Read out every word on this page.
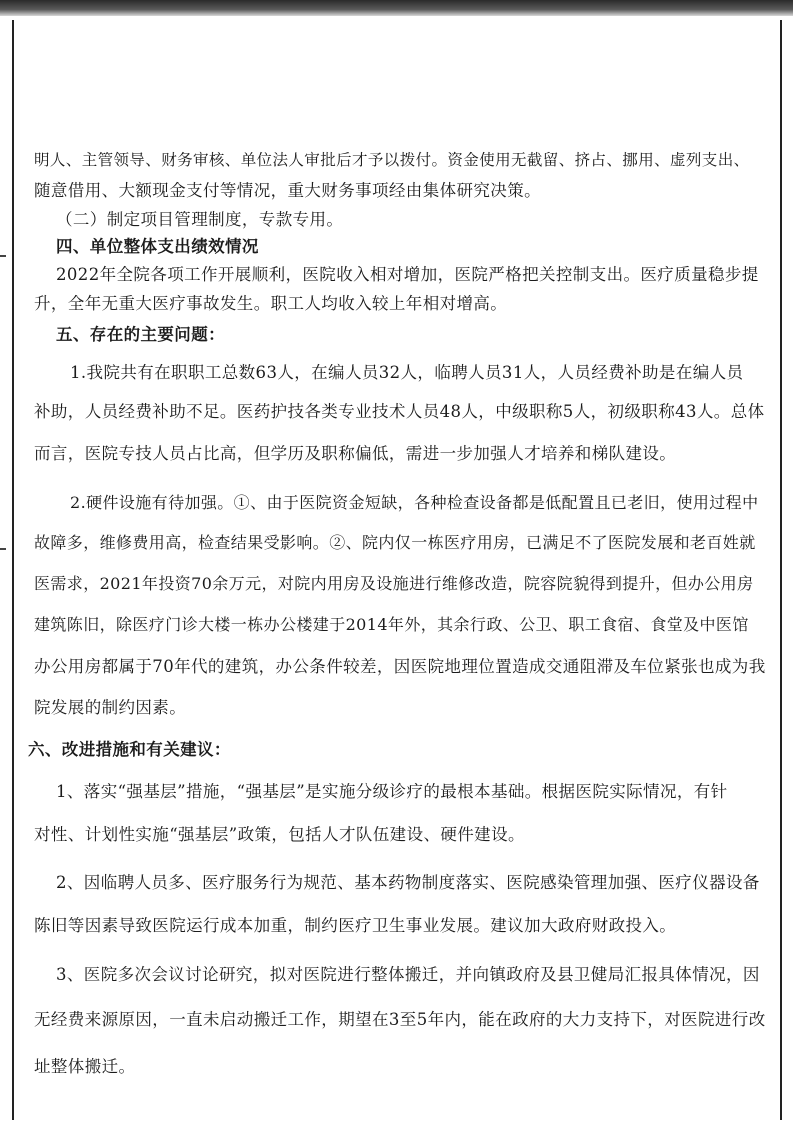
明人、主管领导、财务审核、单位法人审批后才予以拨付。资金使用无截留、挤占、挪用、虚列支出、
随意借用、大额现金支付等情况，重大财务事项经由集体研究决策。
（二）制定项目管理制度，专款专用。
四、单位整体支出绩效情况
2022年全院各项工作开展顺利，医院收入相对增加，医院严格把关控制支出。医疗质量稳步提
升，全年无重大医疗事故发生。职工人均收入较上年相对增高。
五、存在的主要问题：
1.我院共有在职职工总数63人，在编人员32人，临聘人员31人，人员经费补助是在编人员
补助，人员经费补助不足。医药护技各类专业技术人员48人，中级职称5人，初级职称43人。总体
而言，医院专技人员占比高，但学历及职称偏低，需进一步加强人才培养和梯队建设。
2.硬件设施有待加强。①、由于医院资金短缺，各种检查设备都是低配置且已老旧，使用过程中
故障多，维修费用高，检查结果受影响。②、院内仅一栋医疗用房，已满足不了医院发展和老百姓就
医需求，2021年投资70余万元，对院内用房及设施进行维修改造，院容院貌得到提升，但办公用房
建筑陈旧，除医疗门诊大楼一栋办公楼建于2014年外，其余行政、公卫、职工食宿、食堂及中医馆
办公用房都属于70年代的建筑，办公条件较差，因医院地理位置造成交通阻滞及车位紧张也成为我
院发展的制约因素。
六、改进措施和有关建议：
1、落实“强基层”措施，“强基层”是实施分级诊疗的最根本基础。根据医院实际情况，有针
对性、计划性实施“强基层”政策，包括人才队伍建设、硬件建设。
2、因临聘人员多、医疗服务行为规范、基本药物制度落实、医院感染管理加强、医疗仪器设备
陈旧等因素导致医院运行成本加重，制约医疗卫生事业发展。建议加大政府财政投入。
3、医院多次会议讨论研究，拟对医院进行整体搬迁，并向镇政府及县卫健局汇报具体情况，因
无经费来源原因，一直未启动搬迁工作，期望在3至5年内，能在政府的大力支持下，对医院进行改
址整体搬迁。
